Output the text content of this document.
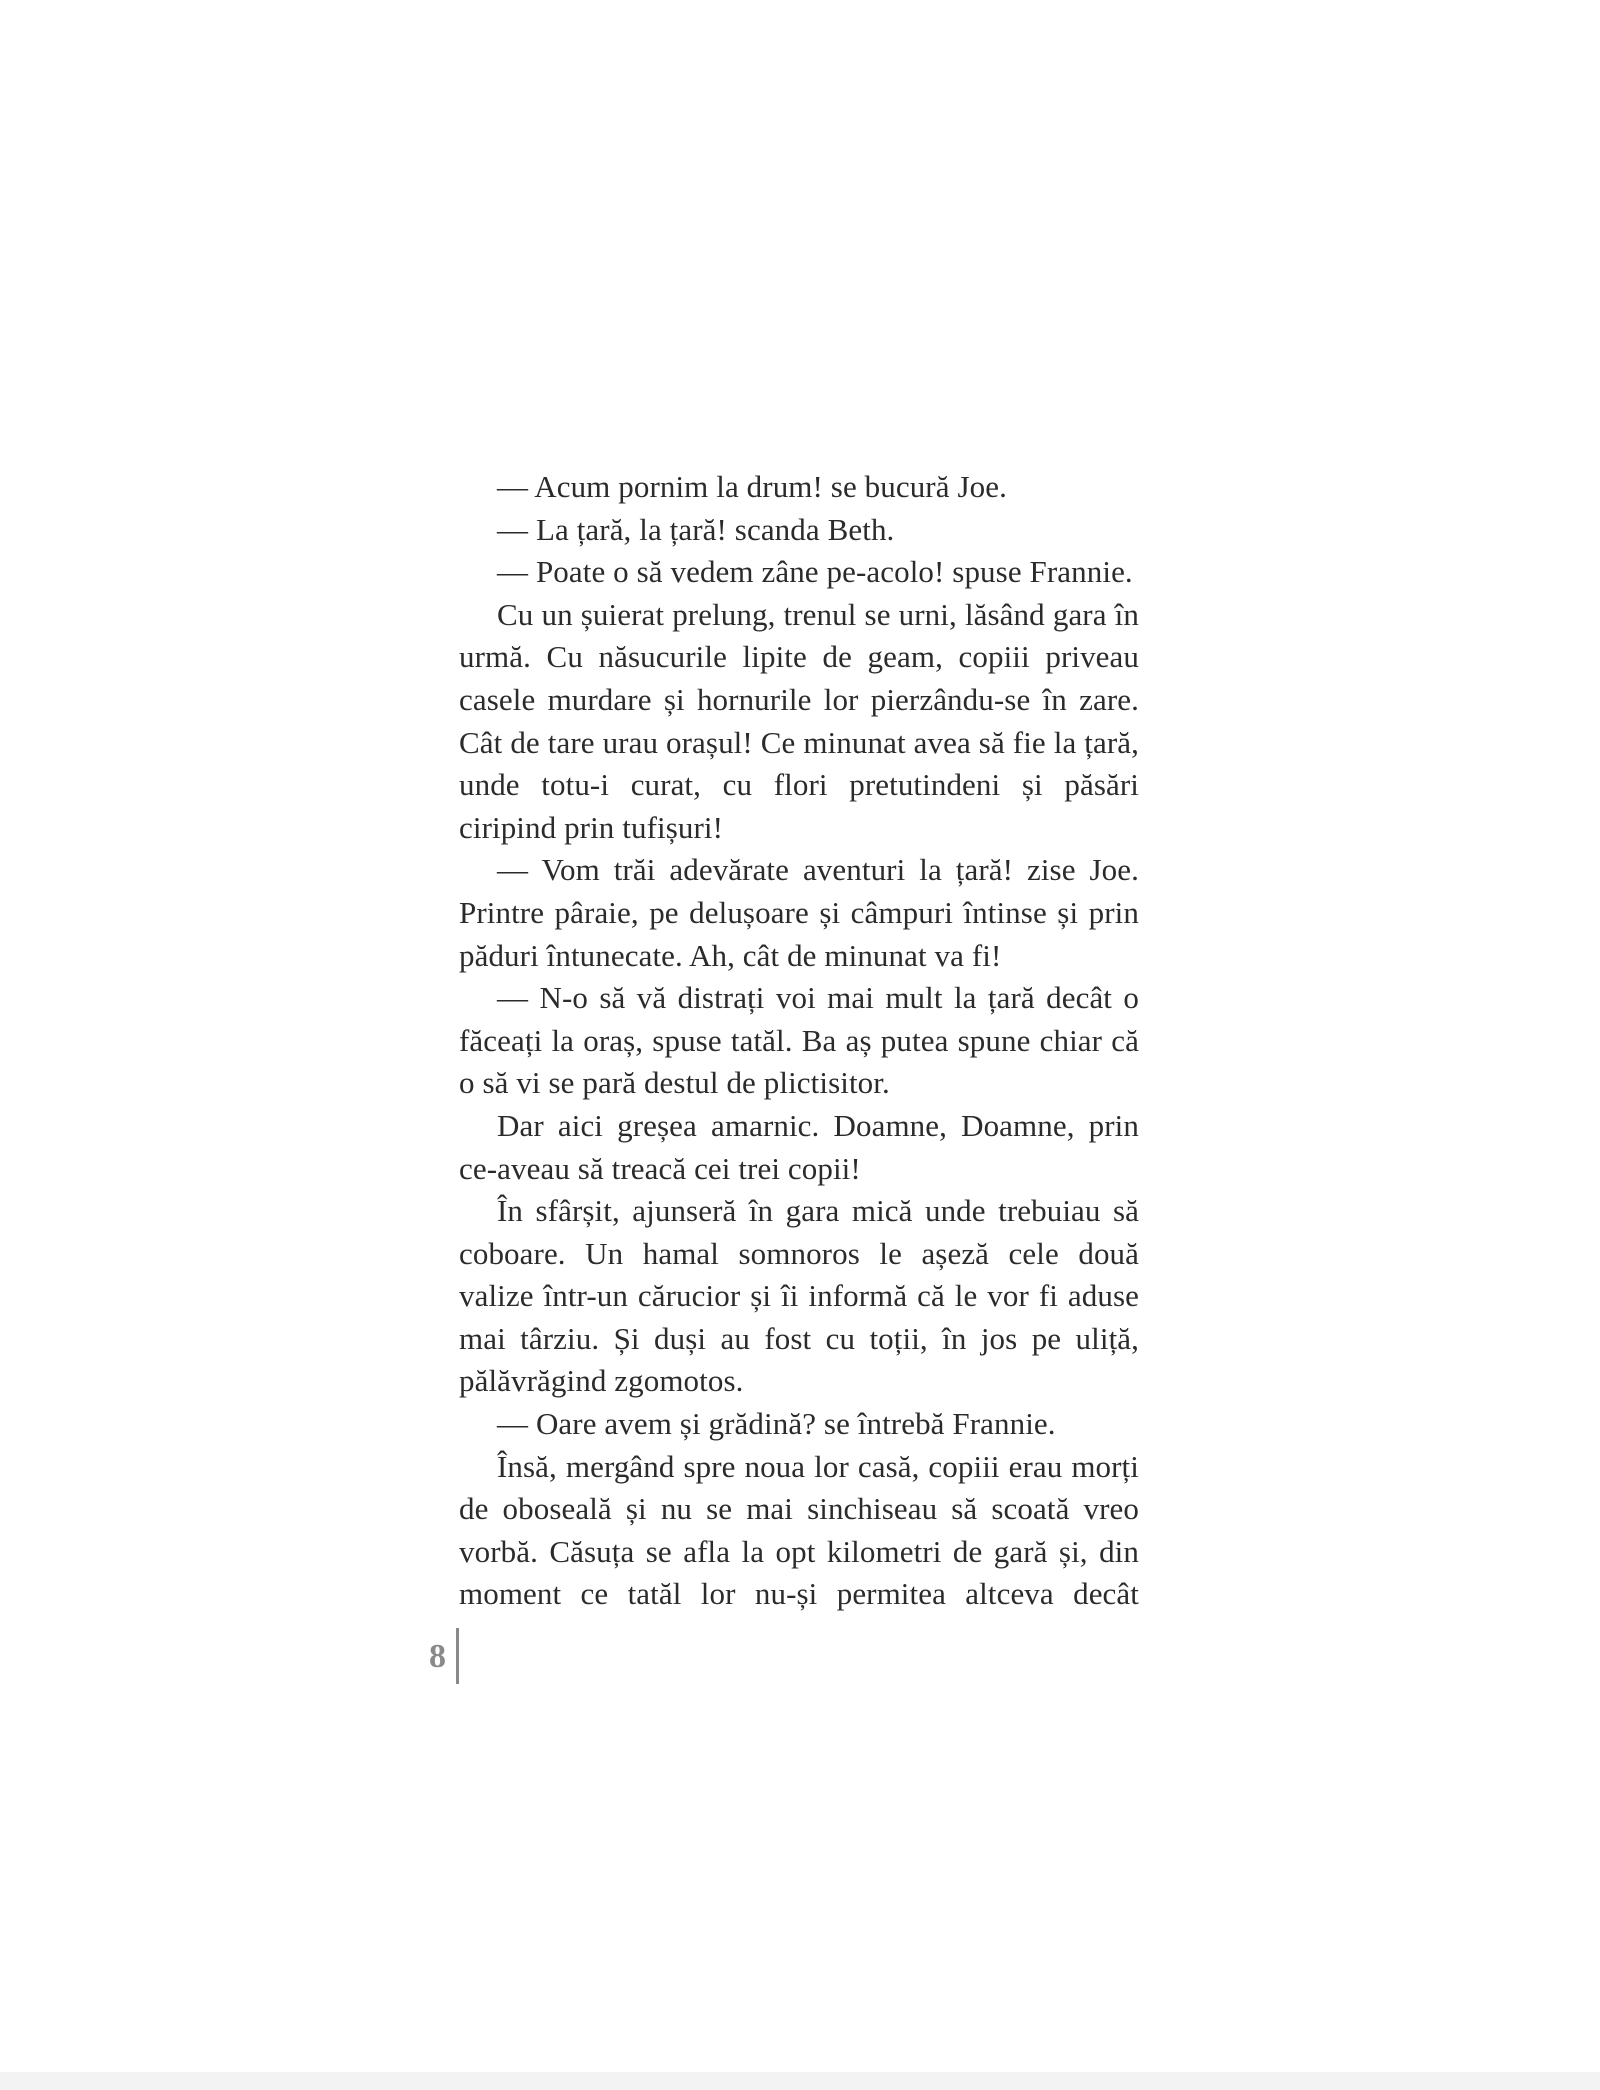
— Acum pornim la drum! se bucură Joe.

— La țară, la țară! scanda Beth.

— Poate o să vedem zâne pe-acolo! spuse Frannie.

Cu un șuierat prelung, trenul se urni, lăsând gara în urmă. Cu năsucurile lipite de geam, copiii priveau casele murdare și hornurile lor pierzându-se în zare. Cât de tare urau orașul! Ce minunat avea să fie la țară, unde totu-i curat, cu flori pretutindeni și păsări ciripind prin tufișuri!

— Vom trăi adevărate aventuri la țară! zise Joe. Printre pâraie, pe delușoare și câmpuri întinse și prin păduri întunecate. Ah, cât de minunat va fi!

— N-o să vă distrați voi mai mult la țară decât o făceați la oraș, spuse tatăl. Ba aș putea spune chiar că o să vi se pară destul de plictisitor.

Dar aici greșea amarnic. Doamne, Doamne, prin ce-aveau să treacă cei trei copii!

În sfârșit, ajunseră în gara mică unde trebuiau să coboare. Un hamal somnoros le așeză cele două valize într-un cărucior și îi informă că le vor fi aduse mai târziu. Și duși au fost cu toții, în jos pe uliță, pălăvrăgind zgomotos.

— Oare avem și grădină? se întrebă Frannie.

Însă, mergând spre noua lor casă, copiii erau morți de oboseală și nu se mai sinchiseau să scoată vreo vorbă. Căsuța se afla la opt kilometri de gară și, din moment ce tatăl lor nu-și permitea altceva decât

8
